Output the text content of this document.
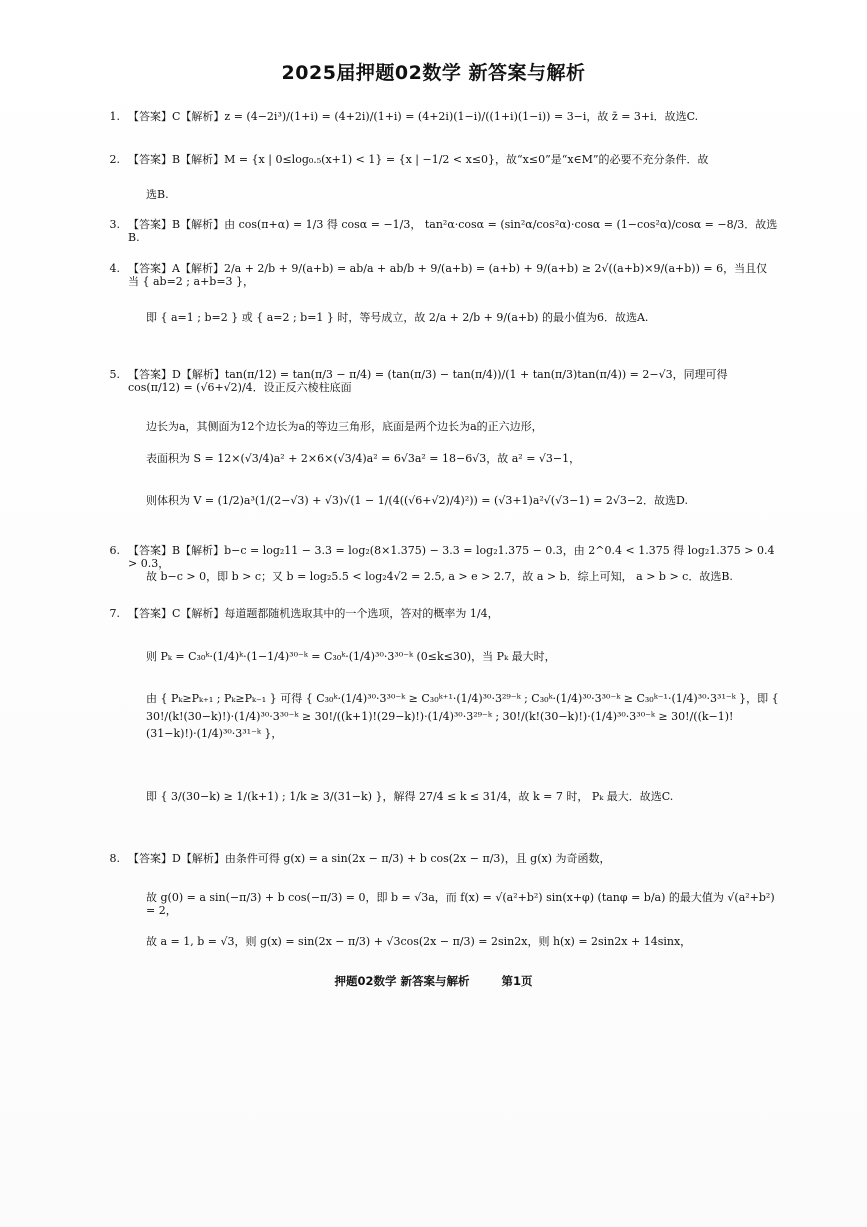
2025届押题02数学 新答案与解析
1. 【答案】C【解析】z = (4−2i³)/(1+i) = (4+2i)/(1+i) = (4+2i)(1−i)/((1+i)(1−i)) = 3−i，故 z̄ = 3+i．故选C.
2. 【答案】B【解析】M = {x | 0≤log₀.₅(x+1) < 1} = {x | −1/2 < x≤0}，故“x≤0”是“x∈M”的必要不充分条件．故
选B.
3. 【答案】B【解析】由 cos(π+α) = 1/3 得 cosα = −1/3， tan²α·cosα = (sin²α/cos²α)·cosα = (1−cos²α)/cosα = −8/3．故选B.
4. 【答案】A【解析】2/a + 2/b + 9/(a+b) = ab/a + ab/b + 9/(a+b) = (a+b) + 9/(a+b) ≥ 2√((a+b)×9/(a+b)) = 6，当且仅当 { ab=2 ; a+b=3 }，
即 { a=1 ; b=2 } 或 { a=2 ; b=1 } 时，等号成立，故 2/a + 2/b + 9/(a+b) 的最小值为6．故选A.
5. 【答案】D【解析】tan(π/12) = tan(π/3 − π/4) = (tan(π/3) − tan(π/4))/(1 + tan(π/3)tan(π/4)) = 2−√3，同理可得 cos(π/12) = (√6+√2)/4．设正反六棱柱底面
边长为a，其侧面为12个边长为a的等边三角形，底面是两个边长为a的正六边形，
表面积为 S = 12×(√3/4)a² + 2×6×(√3/4)a² = 6√3a² = 18−6√3，故 a² = √3−1，
则体积为 V = (1/2)a³(1/(2−√3) + √3)√(1 − 1/(4((√6+√2)/4)²)) = (√3+1)a²√(√3−1) = 2√3−2．故选D.
6. 【答案】B【解析】b−c = log₂11 − 3.3 = log₂(8×1.375) − 3.3 = log₂1.375 − 0.3，由 2^0.4 < 1.375 得 log₂1.375 > 0.4 > 0.3，
故 b−c > 0，即 b > c；又 b = log₂5.5 < log₂4√2 = 2.5, a > e > 2.7，故 a > b．综上可知， a > b > c．故选B.
7. 【答案】C【解析】每道题都随机选取其中的一个选项，答对的概率为 1/4，
则 Pₖ = C₃₀ᵏ·(1/4)ᵏ·(1−1/4)³⁰⁻ᵏ = C₃₀ᵏ·(1/4)³⁰·3³⁰⁻ᵏ (0≤k≤30)，当 Pₖ 最大时，
由 { Pₖ≥Pₖ₊₁ ; Pₖ≥Pₖ₋₁ } 可得 { C₃₀ᵏ·(1/4)³⁰·3³⁰⁻ᵏ ≥ C₃₀ᵏ⁺¹·(1/4)³⁰·3²⁹⁻ᵏ ; C₃₀ᵏ·(1/4)³⁰·3³⁰⁻ᵏ ≥ C₃₀ᵏ⁻¹·(1/4)³⁰·3³¹⁻ᵏ }，即 { 30!/(k!(30−k)!)·(1/4)³⁰·3³⁰⁻ᵏ ≥ 30!/((k+1)!(29−k)!)·(1/4)³⁰·3²⁹⁻ᵏ ; 30!/(k!(30−k)!)·(1/4)³⁰·3³⁰⁻ᵏ ≥ 30!/((k−1)!(31−k)!)·(1/4)³⁰·3³¹⁻ᵏ }，
即 { 3/(30−k) ≥ 1/(k+1) ; 1/k ≥ 3/(31−k) }，解得 27/4 ≤ k ≤ 31/4，故 k = 7 时， Pₖ 最大．故选C.
8. 【答案】D【解析】由条件可得 g(x) = a sin(2x − π/3) + b cos(2x − π/3)，且 g(x) 为奇函数，
故 g(0) = a sin(−π/3) + b cos(−π/3) = 0，即 b = √3a，而 f(x) = √(a²+b²) sin(x+φ) (tanφ = b/a) 的最大值为 √(a²+b²) = 2，
故 a = 1, b = √3，则 g(x) = sin(2x − π/3) + √3cos(2x − π/3) = 2sin2x，则 h(x) = 2sin2x + 14sinx，
押题02数学 新答案与解析	第1页
